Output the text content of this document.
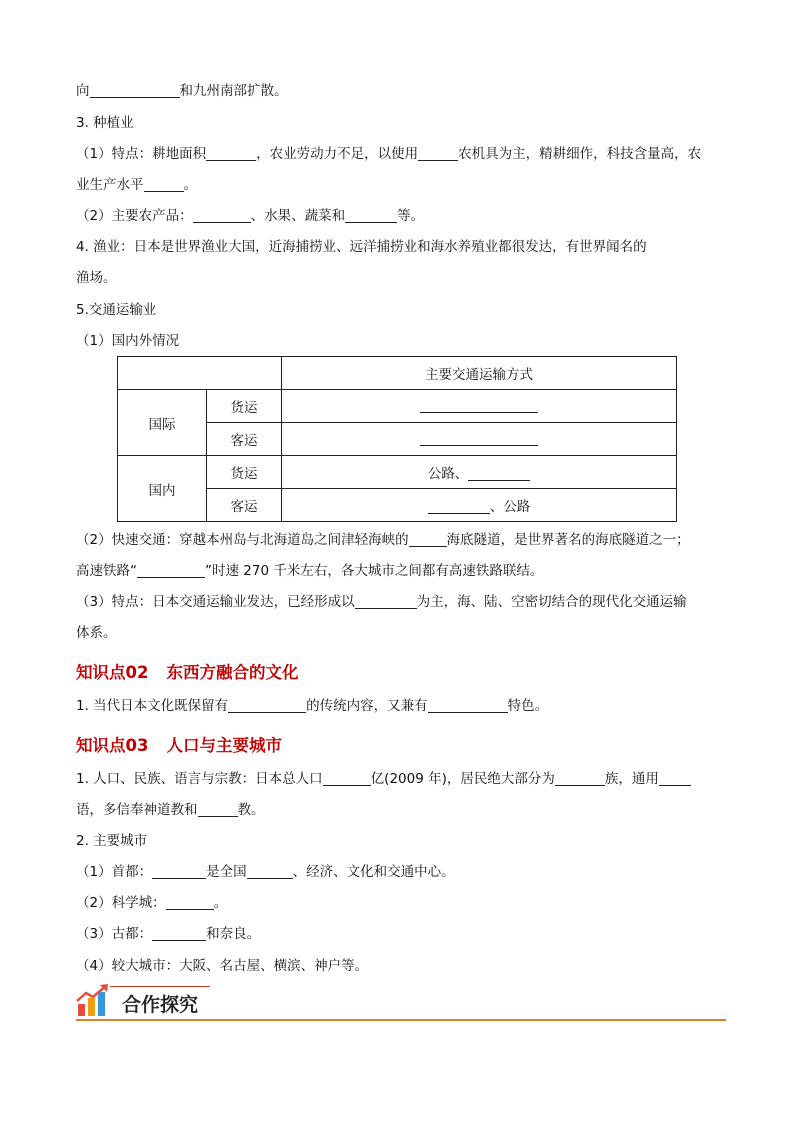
向	和九州南部扩散。
3. 种植业
（1）特点：耕地面积	，农业劳动力不足，以使用	农机具为主，精耕细作，科技含量高，农
业生产水平	。
（2）主要农产品：	、水果、蔬菜和	等。
4. 渔业：日本是世界渔业大国，近海捕捞业、远洋捕捞业和海水养殖业都很发达，有世界闻名的
渔场。
5.交通运输业
（1）国内外情况
		主要交通运输方式
国际	货运	
	客运	
国内	货运	公路、
	客运	、公路
（2）快速交通：穿越本州岛与北海道岛之间津轻海峡的	海底隧道，是世界著名的海底隧道之一；
高速铁路“	”时速 270 千米左右，各大城市之间都有高速铁路联结。
（3）特点：日本交通运输业发达，已经形成以	为主，海、陆、空密切结合的现代化交通运输
体系。
知识点02 东西方融合的文化
1. 当代日本文化既保留有	的传统内容，又兼有	特色。
知识点03 人口与主要城市
1. 人口、民族、语言与宗教：日本总人口	亿(2009 年)，居民绝大部分为	族，通用
语，多信奉神道教和	教。
2. 主要城市
（1）首都：	是全国	、经济、文化和交通中心。
（2）科学城：	。
（3）古都：	和奈良。
（4）较大城市：大阪、名古屋、横滨、神户等。
合作探究
